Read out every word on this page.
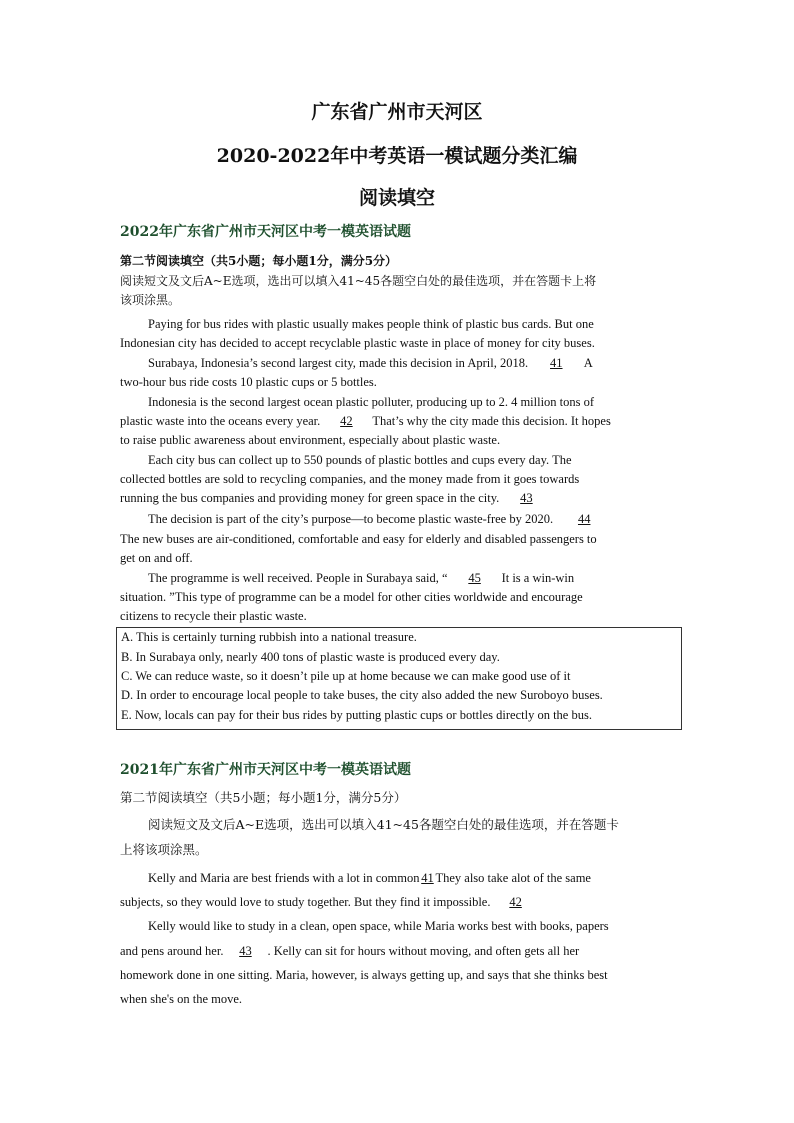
广东省广州市天河区
2020-2022年中考英语一模试题分类汇编
阅读填空
2022年广东省广州市天河区中考一模英语试题
第二节阅读填空（共5小题；每小题1分，满分5分）
阅读短文及文后A~E选项，选出可以填入41~45各题空白处的最佳选项，并在答题卡上将
该项涂黑。
Paying for bus rides with plastic usually makes people think of plastic bus cards. But one
Indonesian city has decided to accept recyclable plastic waste in place of money for city buses.
Surabaya, Indonesia’s second largest city, made this decision in April, 2018. 41 A
two-hour bus ride costs 10 plastic cups or 5 bottles.
Indonesia is the second largest ocean plastic polluter, producing up to 2. 4 million tons of
plastic waste into the oceans every year. 42 That’s why the city made this decision. It hopes
to raise public awareness about environment, especially about plastic waste.
Each city bus can collect up to 550 pounds of plastic bottles and cups every day. The
collected bottles are sold to recycling companies, and the money made from it goes towards
running the bus companies and providing money for green space in the city. 43
The decision is part of the city’s purpose—to become plastic waste-free by 2020. 44
The new buses are air-conditioned, comfortable and easy for elderly and disabled passengers to
get on and off.
The programme is well received. People in Surabaya said, “ 45 It is a win-win
situation. ”This type of programme can be a model for other cities worldwide and encourage
citizens to recycle their plastic waste.
A. This is certainly turning rubbish into a national treasure.
B. In Surabaya only, nearly 400 tons of plastic waste is produced every day.
C. We can reduce waste, so it doesn’t pile up at home because we can make good use of it
D. In order to encourage local people to take buses, the city also added the new Suroboyo buses.
E. Now, locals can pay for their bus rides by putting plastic cups or bottles directly on the bus.
2021年广东省广州市天河区中考一模英语试题
第二节阅读填空（共5小题；每小题1分，满分5分）
阅读短文及文后A~E选项，选出可以填入41~45各题空白处的最佳选项，并在答题卡
上将该项涂黑。
Kelly and Maria are best friends with a lot in common 41 They also take alot of the same
subjects, so they would love to study together. But they find it impossible. 42
Kelly would like to study in a clean, open space, while Maria works best with books, papers
and pens around her. 43 . Kelly can sit for hours without moving, and often gets all her
homework done in one sitting. Maria, however, is always getting up, and says that she thinks best
when she's on the move.
